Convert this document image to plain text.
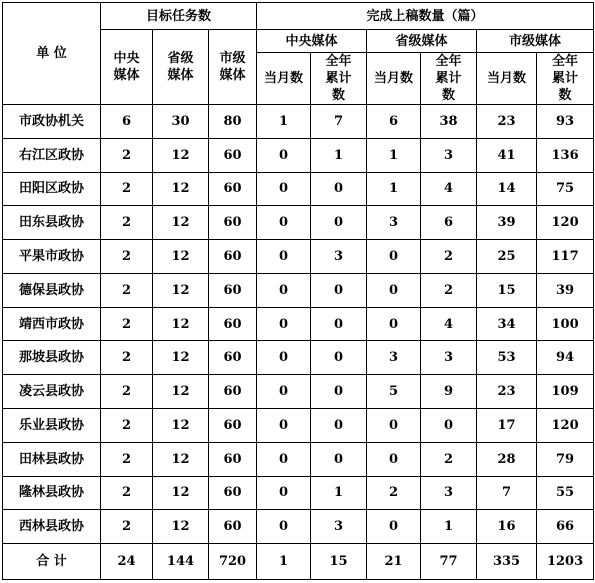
单 位	目标任务数			完成上稿数量（篇）					
	中央媒体	省级媒体	市级媒体	中央媒体		省级媒体		市级媒体	
				当月数	全年累计数	当月数	全年累计数	当月数	全年累计数
市政协机关	6	30	80	1	7	6	38	23	93
右江区政协	2	12	60	0	1	1	3	41	136
田阳区政协	2	12	60	0	0	1	4	14	75
田东县政协	2	12	60	0	0	3	6	39	120
平果市政协	2	12	60	0	3	0	2	25	117
德保县政协	2	12	60	0	0	0	2	15	39
靖西市政协	2	12	60	0	0	0	4	34	100
那坡县政协	2	12	60	0	0	3	3	53	94
凌云县政协	2	12	60	0	0	5	9	23	109
乐业县政协	2	12	60	0	0	0	0	17	120
田林县政协	2	12	60	0	0	0	2	28	79
隆林县政协	2	12	60	0	1	2	3	7	55
西林县政协	2	12	60	0	3	0	1	16	66
合 计	24	144	720	1	15	21	77	335	1203
